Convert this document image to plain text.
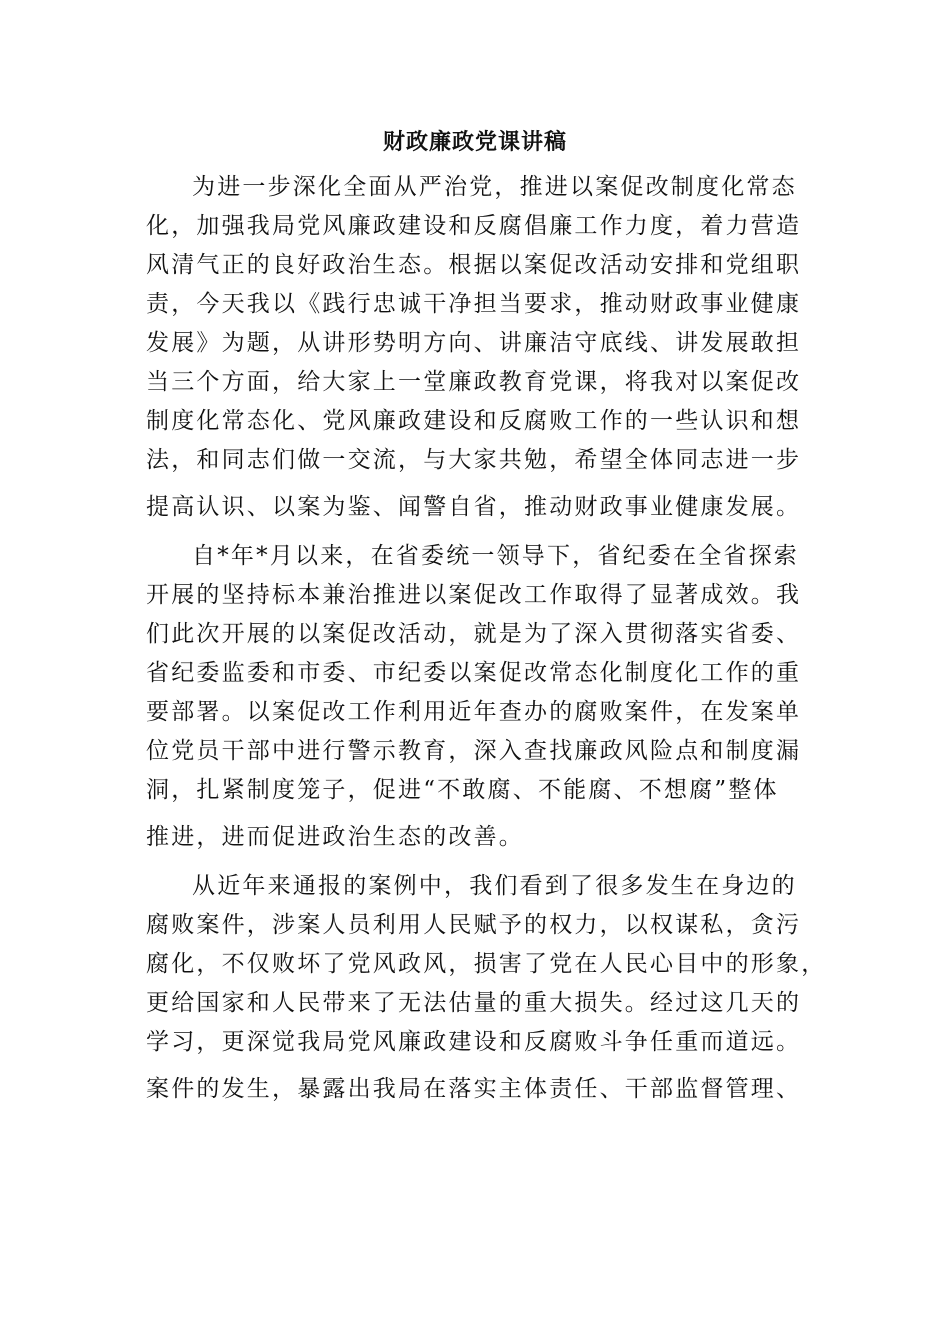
财政廉政党课讲稿

为进一步深化全面从严治党，推进以案促改制度化常态
化，加强我局党风廉政建设和反腐倡廉工作力度，着力营造
风清气正的良好政治生态。根据以案促改活动安排和党组职
责，今天我以《践行忠诚干净担当要求，推动财政事业健康
发展》为题，从讲形势明方向、讲廉洁守底线、讲发展敢担
当三个方面，给大家上一堂廉政教育党课，将我对以案促改
制度化常态化、党风廉政建设和反腐败工作的一些认识和想
法，和同志们做一交流，与大家共勉，希望全体同志进一步
提高认识、以案为鉴、闻警自省，推动财政事业健康发展。

自*年*月以来，在省委统一领导下，省纪委在全省探索
开展的坚持标本兼治推进以案促改工作取得了显著成效。我
们此次开展的以案促改活动，就是为了深入贯彻落实省委、
省纪委监委和市委、市纪委以案促改常态化制度化工作的重
要部署。以案促改工作利用近年查办的腐败案件，在发案单
位党员干部中进行警示教育，深入查找廉政风险点和制度漏
洞，扎紧制度笼子，促进“不敢腐、不能腐、不想腐”整体
推进，进而促进政治生态的改善。

从近年来通报的案例中，我们看到了很多发生在身边的
腐败案件，涉案人员利用人民赋予的权力，以权谋私，贪污
腐化，不仅败坏了党风政风，损害了党在人民心目中的形象，
更给国家和人民带来了无法估量的重大损失。经过这几天的
学习，更深觉我局党风廉政建设和反腐败斗争任重而道远。
案件的发生，暴露出我局在落实主体责任、干部监督管理、
